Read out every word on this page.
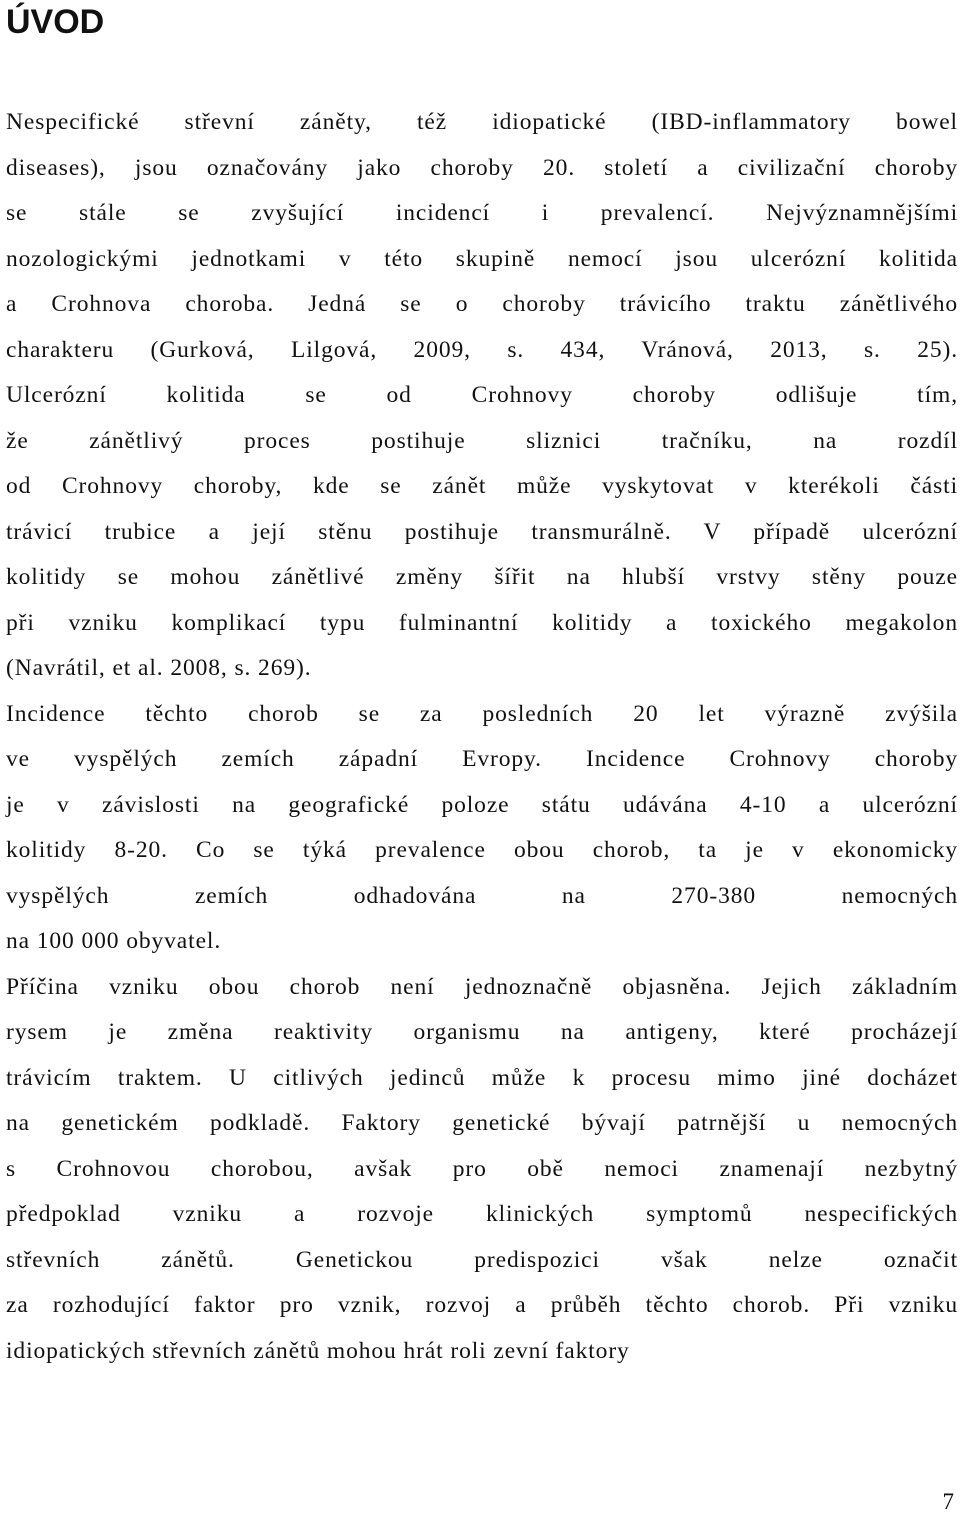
ÚVOD
Nespecifické střevní záněty, též idiopatické (IBD-inflammatory bowel
diseases), jsou označovány jako choroby 20. století a civilizační choroby
se stále se zvyšující incidencí i prevalencí. Nejvýznamnějšími
nozologickými jednotkami v této skupině nemocí jsou ulcerózní kolitida
a Crohnova choroba. Jedná se o choroby trávicího traktu zánětlivého
charakteru (Gurková, Lilgová, 2009, s. 434, Vránová, 2013, s. 25).
Ulcerózní kolitida se od Crohnovy choroby odlišuje tím,
že zánětlivý proces postihuje sliznici tračníku, na rozdíl
od Crohnovy choroby, kde se zánět může vyskytovat v kterékoli části
trávicí trubice a její stěnu postihuje transmurálně. V případě ulcerózní
kolitidy se mohou zánětlivé změny šířit na hlubší vrstvy stěny pouze
při vzniku komplikací typu fulminantní kolitidy a toxického megakolon
(Navrátil, et al. 2008, s. 269).
Incidence těchto chorob se za posledních 20 let výrazně zvýšila
ve vyspělých zemích západní Evropy. Incidence Crohnovy choroby
je v závislosti na geografické poloze státu udávána 4-10 a ulcerózní
kolitidy 8-20. Co se týká prevalence obou chorob, ta je v ekonomicky
vyspělých zemích odhadována na 270-380 nemocných
na 100 000 obyvatel.
Příčina vzniku obou chorob není jednoznačně objasněna. Jejich základním
rysem je změna reaktivity organismu na antigeny, které procházejí
trávicím traktem. U citlivých jedinců může k procesu mimo jiné docházet
na genetickém podkladě. Faktory genetické bývají patrnější u nemocných
s Crohnovou chorobou, avšak pro obě nemoci znamenají nezbytný
předpoklad vzniku a rozvoje klinických symptomů nespecifických
střevních zánětů. Genetickou predispozici však nelze označit
za rozhodující faktor pro vznik, rozvoj a průběh těchto chorob. Při vzniku
idiopatických střevních zánětů mohou hrát roli zevní faktory
7
